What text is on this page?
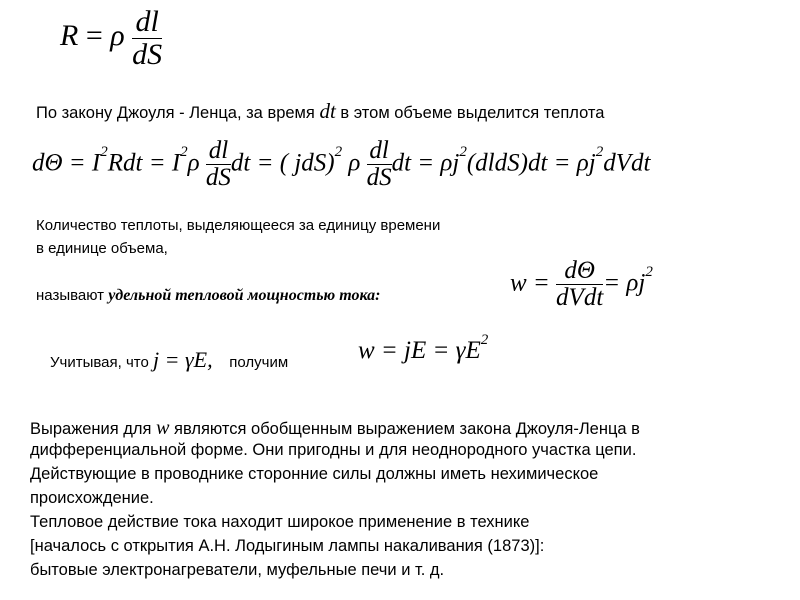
R = ρ $\frac{dl}{dS}$
По закону Джоуля - Ленца, за время dt в этом объеме выделится теплота
$d\Theta = I^2Rdt = I^2\rho \frac{dl}{dS}$ dt = ( jdS)$^2$ ρ $\frac{dl}{dS}$ dt = $\rho j^2(dldS)dt$ = $\rho j^2dVdt$
Количество теплоты, выделяющееся за единицу времени
в единице объема,
называют удельной тепловой мощностью тока:	$w = \frac{d\Theta}{\text{dVdt}} = \rho j^2$
Учитывая, что j = γE, получим	w = jE = $\gamma E^2$
Выражения для w являются обобщенным выражением закона Джоуля-Ленца в
дифференциальной форме. Они пригодны и для неоднородного участка цепи.
Действующие в проводнике сторонние силы должны иметь нехимическое
происхождение.
Тепловое действие тока находит широкое применение в технике
[началось с открытия А.Н. Лодыгиным лампы накаливания (1873)]:
бытовые электронагреватели, муфельные печи и т. д.
